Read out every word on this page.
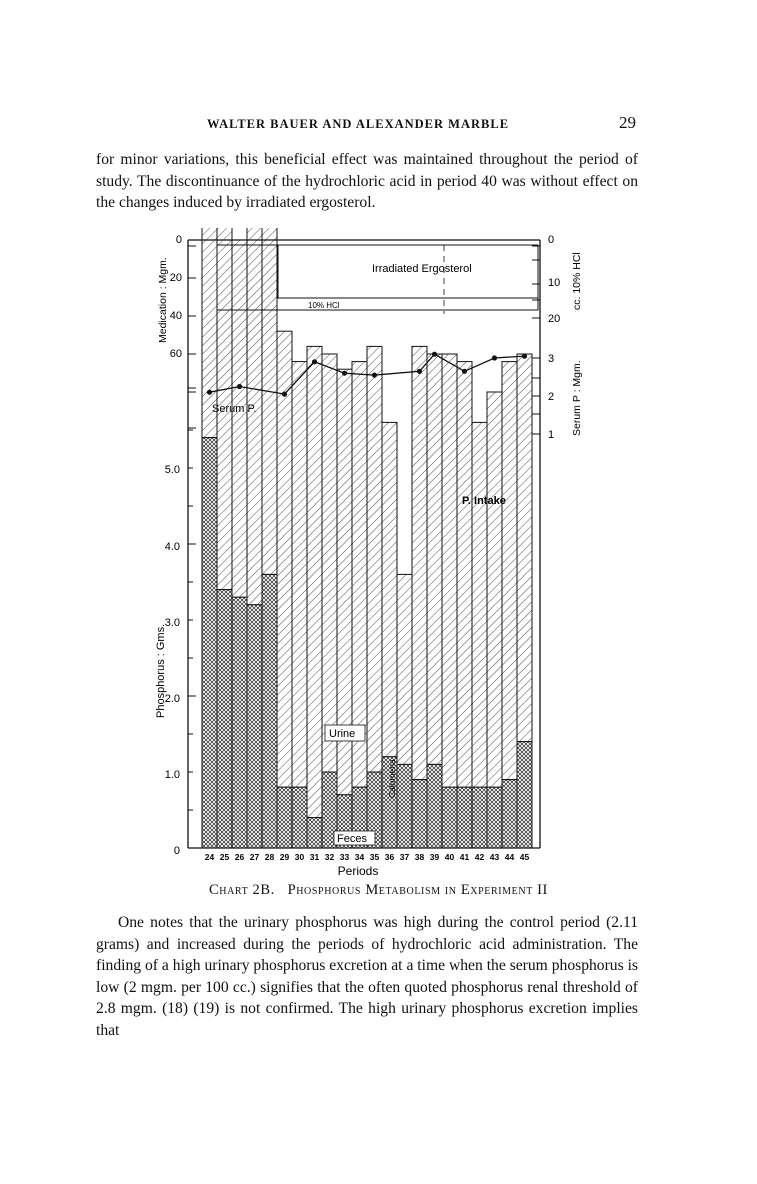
WALTER BAUER AND ALEXANDER MARBLE	29

for minor variations, this beneficial effect was maintained throughout the period of study. The discontinuance of the hydrochloric acid in period 40 was without effect on the changes induced by irradiated ergosterol.

Irradiated Ergosterol
10% HCl
0
20
40
60
Medication : Mgm.
0
10
20
cc. 10% HCl
3
2
1 Serum P : Mgm.
5.0
4.0
3.0
2.0
1.0
0
Phosphorus : Gms.
P. Intake
Urine
Feces
Calomena
24 25 26 27 28 29 30 31 32 33 34 35 36 37 38 39 40 41 42 43 44 45
Periods
Chart 2B. Phosphorus Metabolism in Experiment II

One notes that the urinary phosphorus was high during the control period (2.11 grams) and increased during the periods of hydrochloric acid administration. The finding of a high urinary phosphorus excretion at a time when the serum phosphorus is low (2 mgm. per 100 cc.) signifies that the often quoted phosphorus renal threshold of 2.8 mgm. (18) (19) is not confirmed. The high urinary phosphorus excretion implies that
